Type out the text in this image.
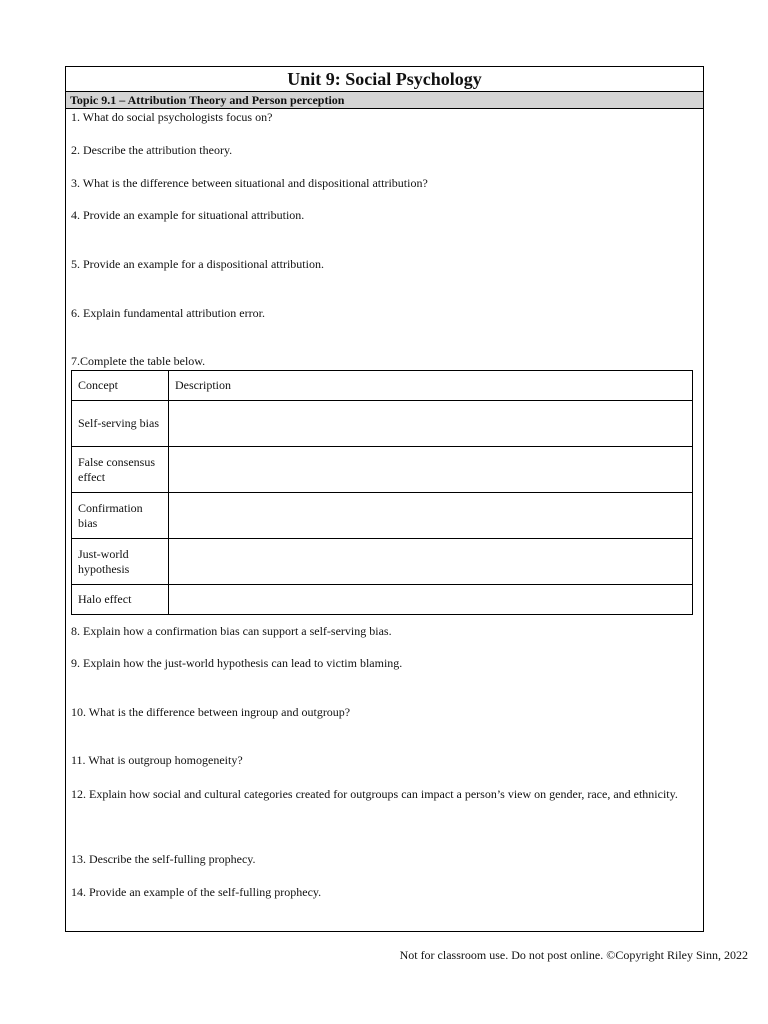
Unit 9: Social Psychology
Topic 9.1 – Attribution Theory and Person perception

1. What do social psychologists focus on?

2. Describe the attribution theory.

3. What is the difference between situational and dispositional attribution?

4. Provide an example for situational attribution.

5. Provide an example for a dispositional attribution.

6. Explain fundamental attribution error.

7.Complete the table below.

Concept	Description
Self-serving bias	
False consensus effect	
Confirmation bias	
Just-world hypothesis	
Halo effect	

8. Explain how a confirmation bias can support a self-serving bias.

9. Explain how the just-world hypothesis can lead to victim blaming.

10. What is the difference between ingroup and outgroup?

11. What is outgroup homogeneity?

12. Explain how social and cultural categories created for outgroups can impact a person’s view on gender, race, and ethnicity.

13. Describe the self-fulling prophecy.

14. Provide an example of the self-fulling prophecy.

Not for classroom use. Do not post online. ©Copyright Riley Sinn, 2022
